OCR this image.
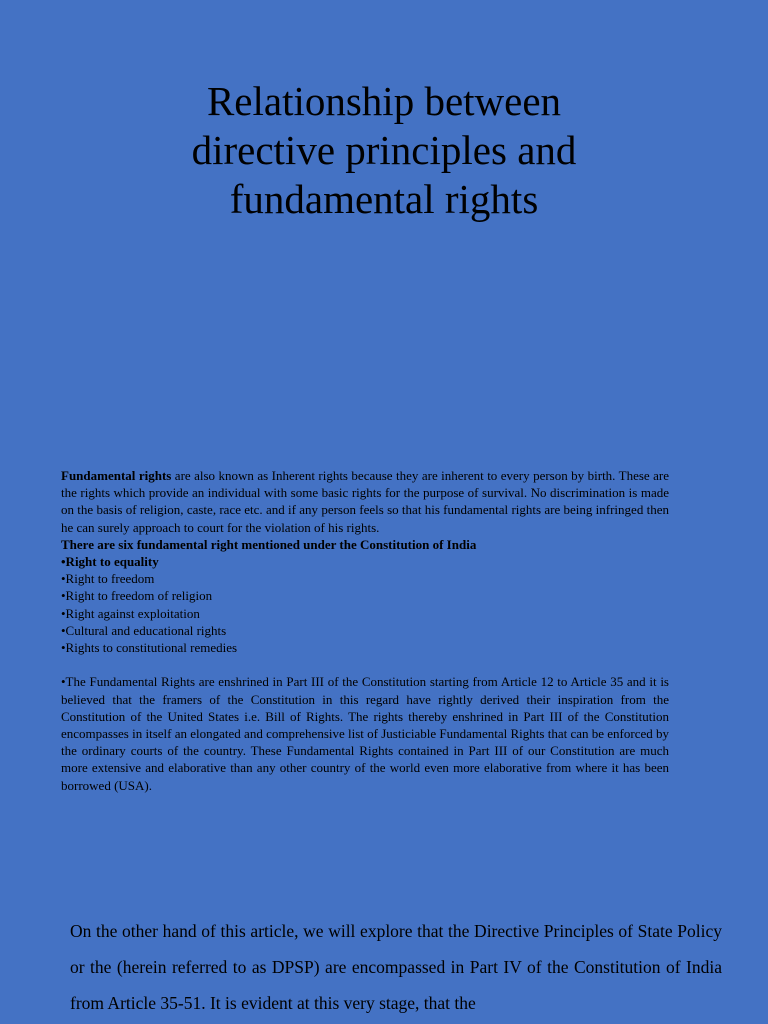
Relationship between
directive principles and
fundamental rights

Fundamental rights are also known as Inherent rights because they are inherent to every person by birth. These are the rights which provide an individual with some basic rights for the purpose of survival. No discrimination is made on the basis of religion, caste, race etc. and if any person feels so that his fundamental rights are being infringed then he can surely approach to court for the violation of his rights.

There are six fundamental right mentioned under the Constitution of India

•Right to equality

•Right to freedom

•Right to freedom of religion

•Right against exploitation

•Cultural and educational rights

•Rights to constitutional remedies

•The Fundamental Rights are enshrined in Part III of the Constitution starting from Article 12 to Article 35 and it is believed that the framers of the Constitution in this regard have rightly derived their inspiration from the Constitution of the United States i.e. Bill of Rights. The rights thereby enshrined in Part III of the Constitution encompasses in itself an elongated and comprehensive list of Justiciable Fundamental Rights that can be enforced by the ordinary courts of the country. These Fundamental Rights contained in Part III of our Constitution are much more extensive and elaborative than any other country of the world even more elaborative from where it has been borrowed (USA).

On the other hand of this article, we will explore that the Directive Principles of State Policy or the (herein referred to as DPSP) are encompassed in Part IV of the Constitution of India from Article 35-51. It is evident at this very stage, that the
